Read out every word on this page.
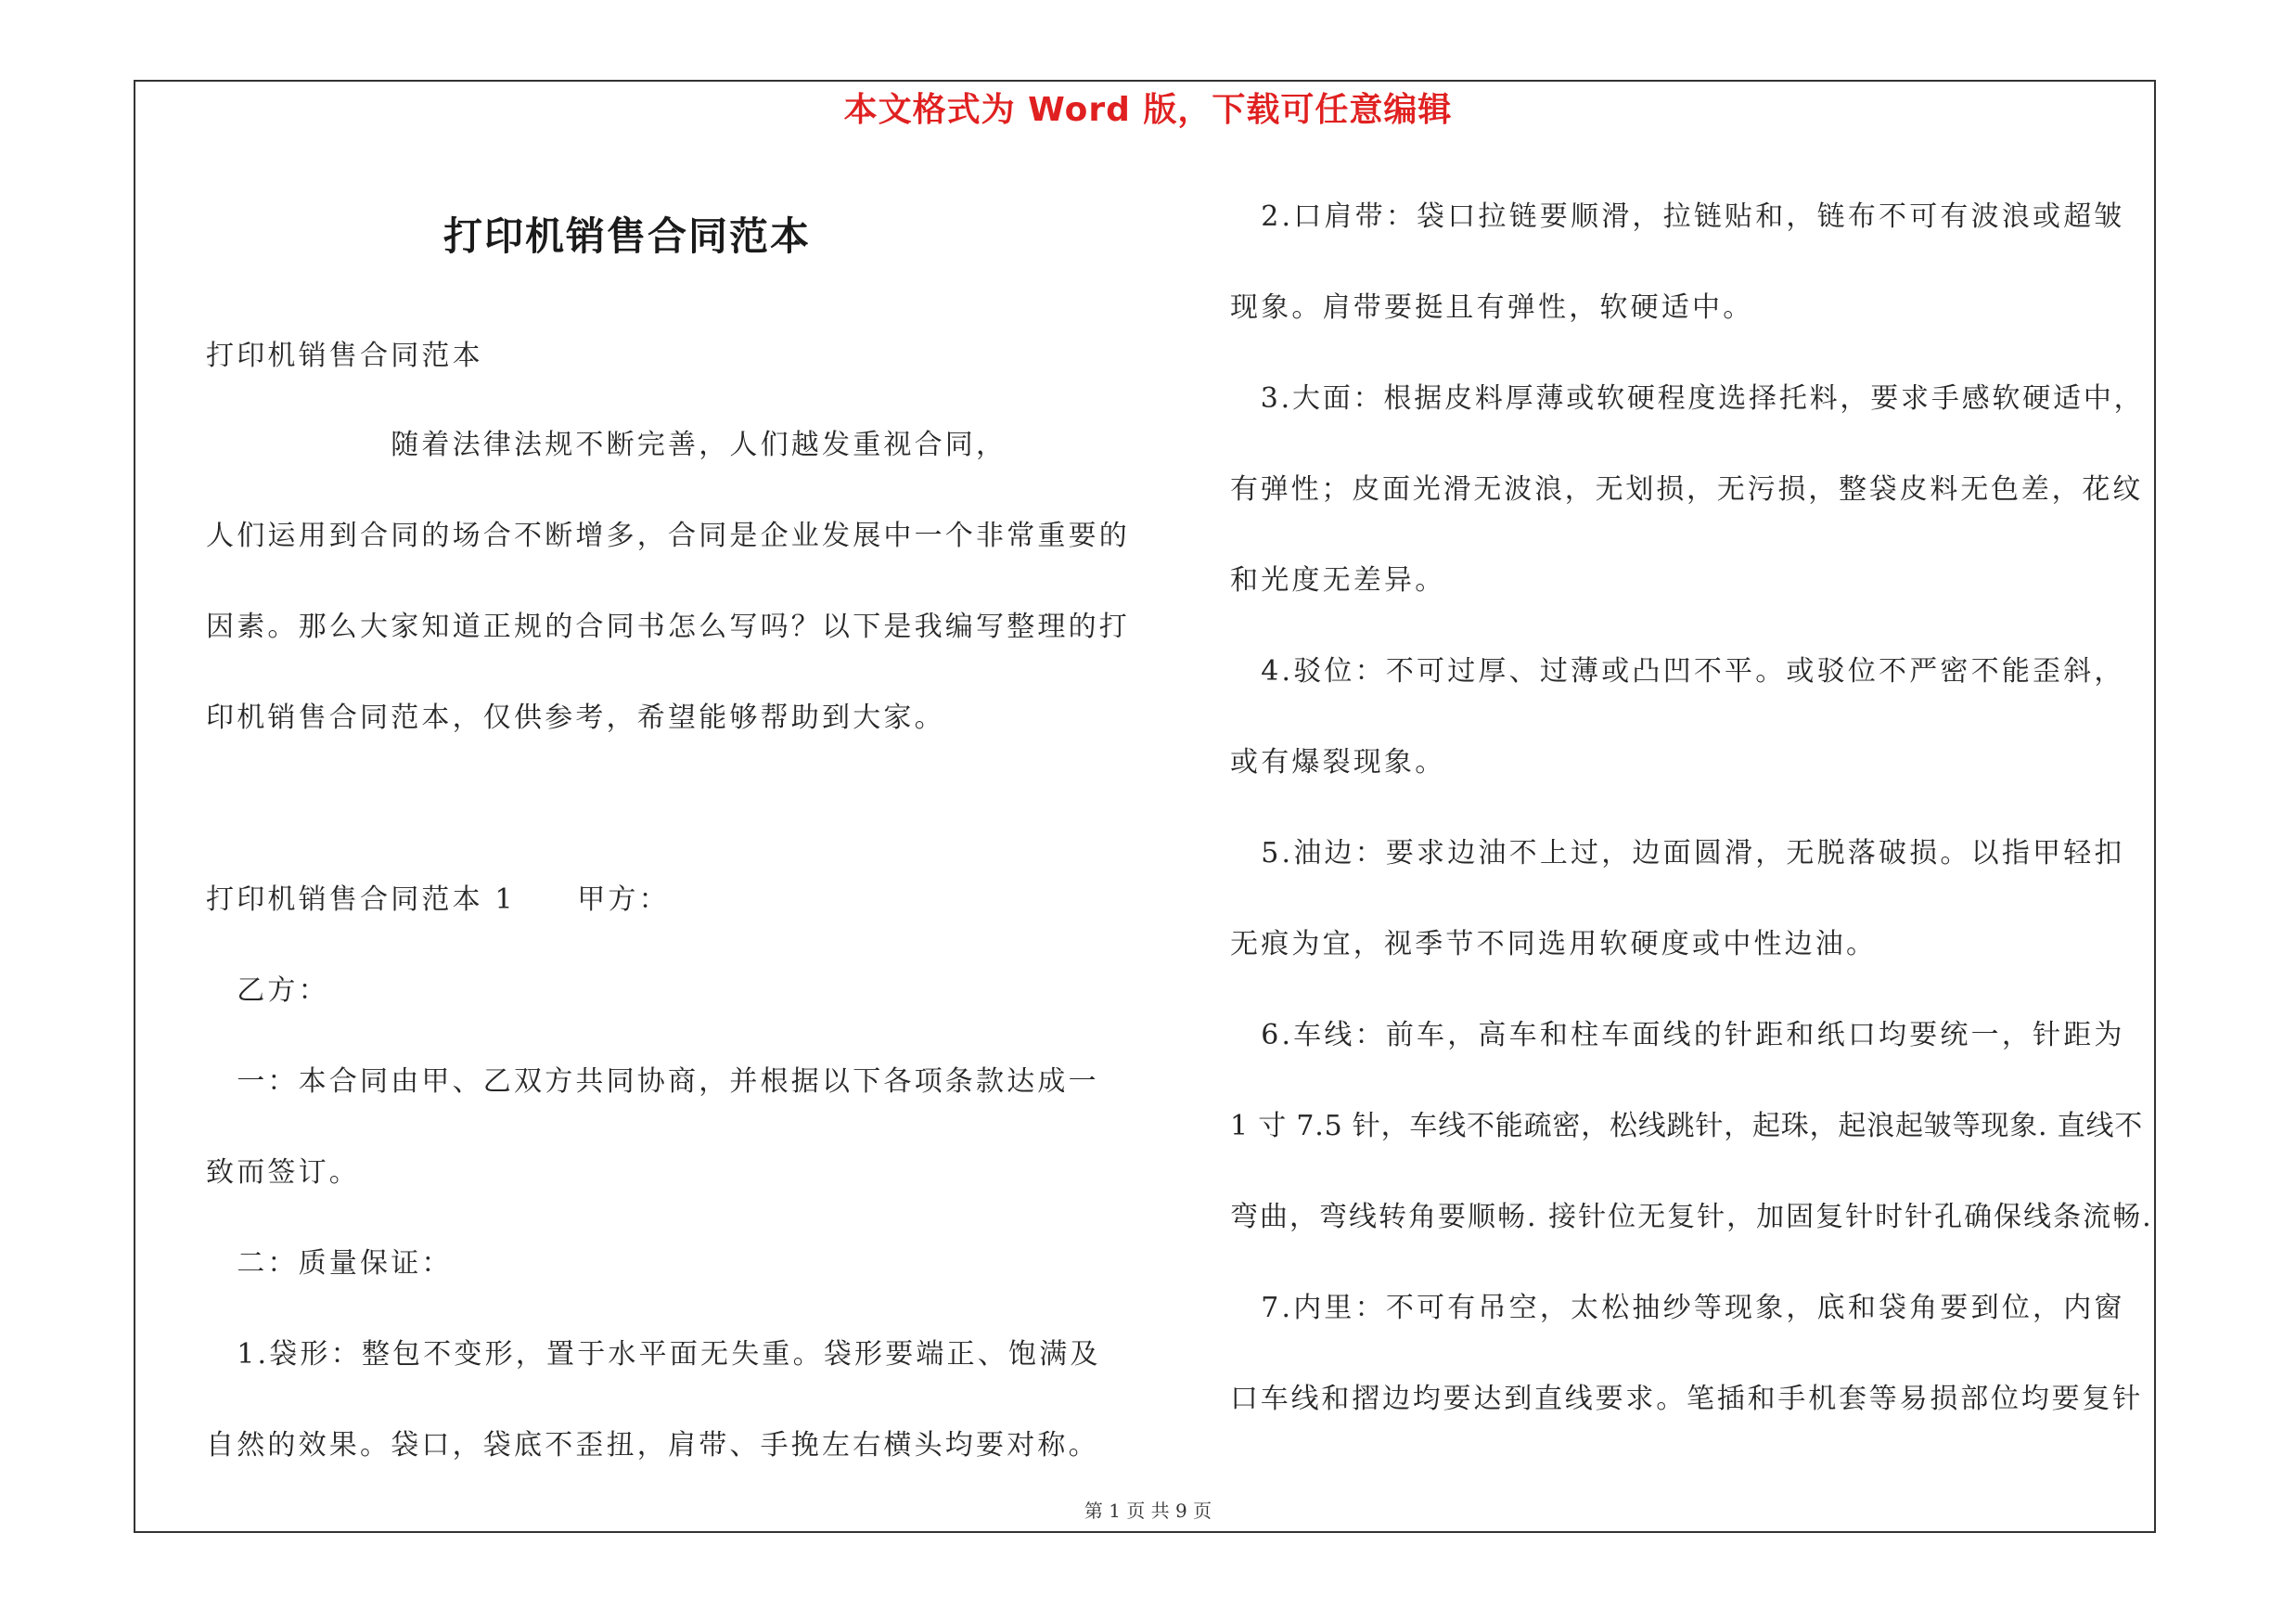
本文格式为 Word 版，下载可任意编辑
打印机销售合同范本
打印机销售合同范本
　　　　　　随着法律法规不断完善，人们越发重视合同，
人们运用到合同的场合不断增多，合同是企业发展中一个非常重要的
因素。那么大家知道正规的合同书怎么写吗？以下是我编写整理的打
印机销售合同范本，仅供参考，希望能够帮助到大家。
打印机销售合同范本 1　　甲方：
　乙方：
　一：本合同由甲、乙双方共同协商，并根据以下各项条款达成一
致而签订。
　二：质量保证：
　1.袋形：整包不变形，置于水平面无失重。袋形要端正、饱满及
自然的效果。袋口，袋底不歪扭，肩带、手挽左右横头均要对称。
　2.口肩带：袋口拉链要顺滑，拉链贴和，链布不可有波浪或超皱
现象。肩带要挺且有弹性，软硬适中。
　3.大面：根据皮料厚薄或软硬程度选择托料，要求手感软硬适中，
有弹性；皮面光滑无波浪，无划损，无污损，整袋皮料无色差，花纹
和光度无差异。
　4.驳位：不可过厚、过薄或凸凹不平。或驳位不严密不能歪斜，
或有爆裂现象。
　5.油边：要求边油不上过，边面圆滑，无脱落破损。以指甲轻扣
无痕为宜，视季节不同选用软硬度或中性边油。
　6.车线：前车，高车和柱车面线的针距和纸口均要统一，针距为
1 寸 7.5 针，车线不能疏密，松线跳针，起珠，起浪起皱等现象. 直线不
弯曲，弯线转角要顺畅. 接针位无复针，加固复针时针孔确保线条流畅.
　7.内里：不可有吊空，太松抽纱等现象，底和袋角要到位，内窗
口车线和摺边均要达到直线要求。笔插和手机套等易损部位均要复针
第 1 页 共 9 页
